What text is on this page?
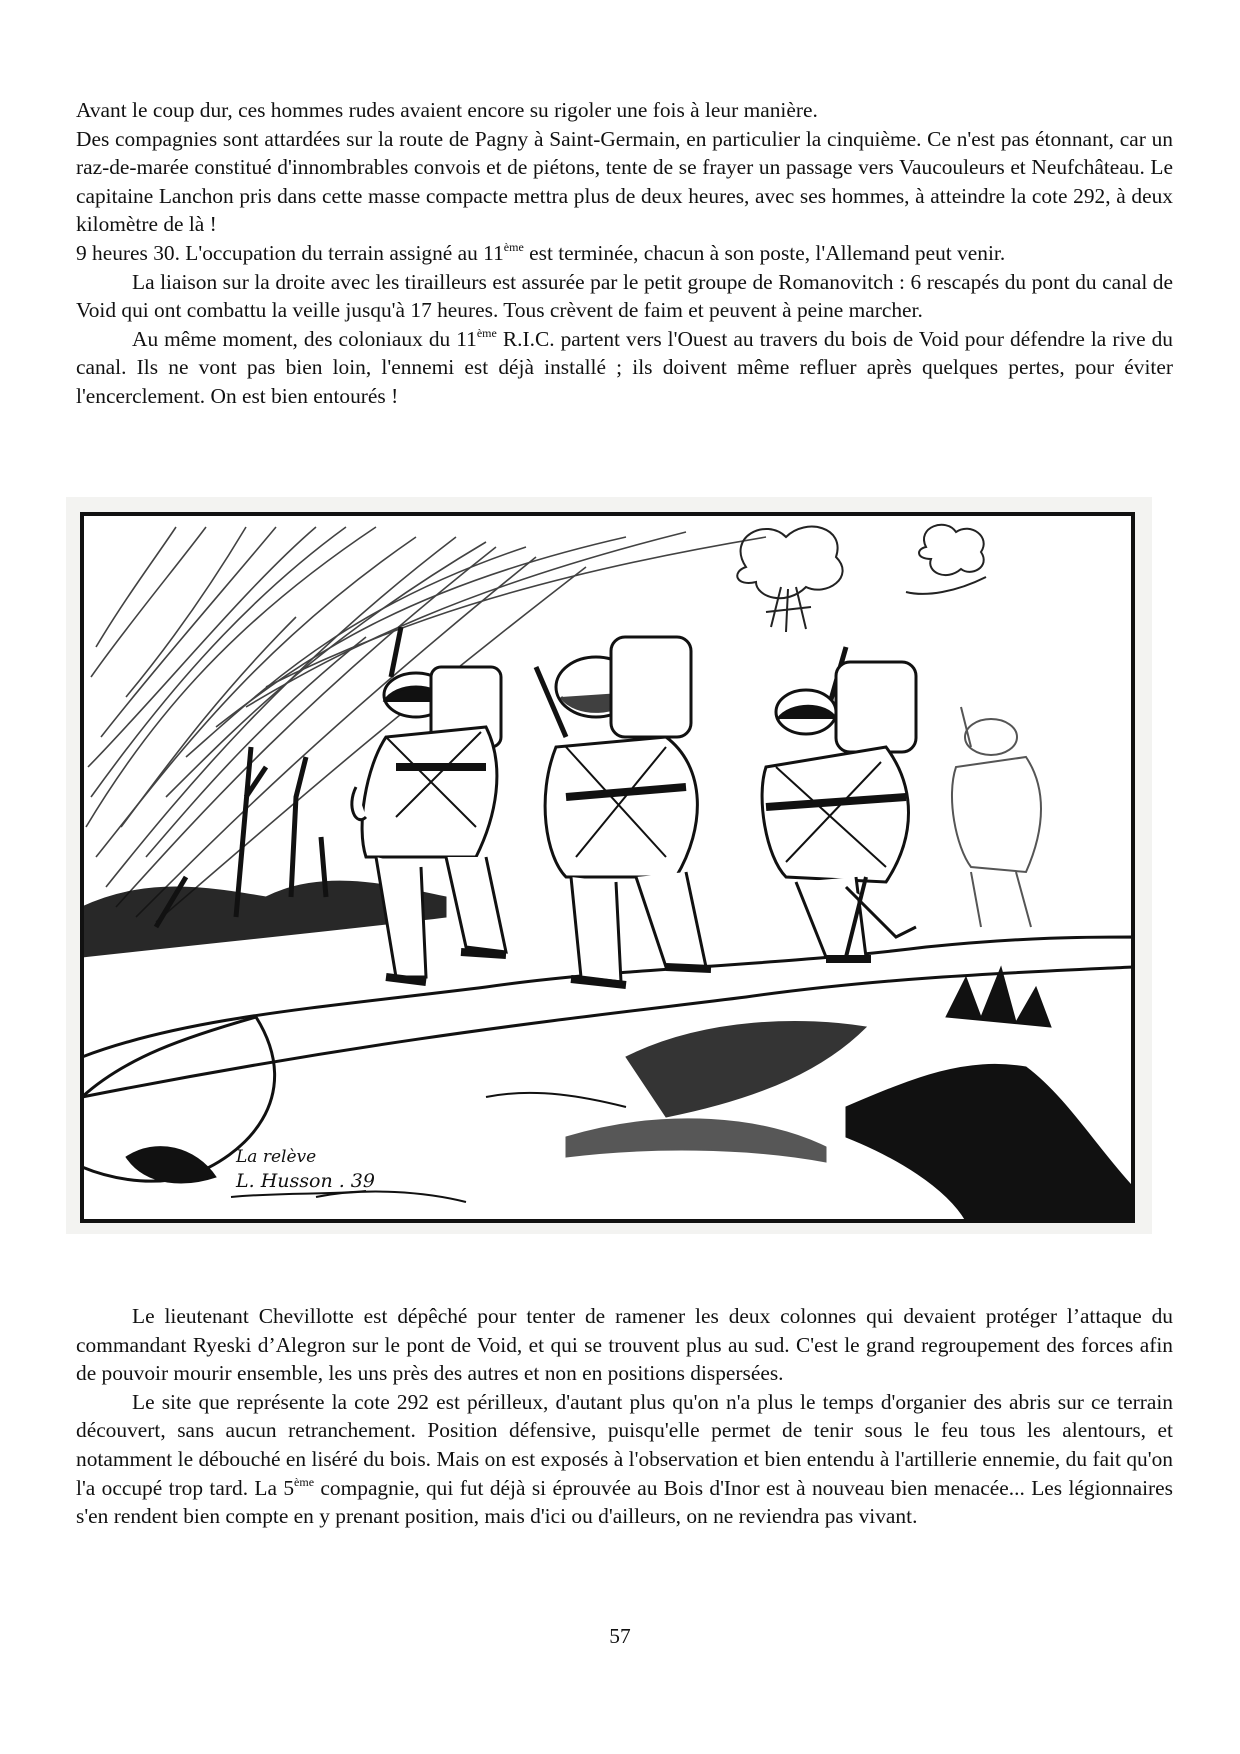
Avant le coup dur, ces hommes rudes avaient encore su rigoler une fois à leur manière.

Des compagnies sont attardées sur la route de Pagny à Saint-Germain, en particulier la cinquième. Ce n'est pas étonnant, car un raz-de-marée constitué d'innombrables convois et de piétons, tente de se frayer un passage vers Vaucouleurs et Neufchâteau. Le capitaine Lanchon pris dans cette masse compacte mettra plus de deux heures, avec ses hommes, à atteindre la cote 292, à deux kilomètre de là !

9 heures 30. L'occupation du terrain assigné au 11ème est terminée, chacun à son poste, l'Allemand peut venir.

La liaison sur la droite avec les tirailleurs est assurée par le petit groupe de Romanovitch : 6 rescapés du pont du canal de Void qui ont combattu la veille jusqu'à 17 heures. Tous crèvent de faim et peuvent à peine marcher.

Au même moment, des coloniaux du 11ème R.I.C. partent vers l'Ouest au travers du bois de Void pour défendre la rive du canal. Ils ne vont pas bien loin, l'ennemi est déjà installé ; ils doivent même refluer après quelques pertes, pour éviter l'encerclement. On est bien entourés !

La relève
L. Husson . 39

Le lieutenant Chevillotte est dépêché pour tenter de ramener les deux colonnes qui devaient protéger l’attaque du commandant Ryeski d’Alegron sur le pont de Void, et qui se trouvent plus au sud. C'est le grand regroupement des forces afin de pouvoir mourir ensemble, les uns près des autres et non en positions dispersées.

Le site que représente la cote 292 est périlleux, d'autant plus qu'on n'a plus le temps d'organier des abris sur ce terrain découvert, sans aucun retranchement. Position défensive, puisqu'elle permet de tenir sous le feu tous les alentours, et notamment le débouché en liséré du bois. Mais on est exposés à l'observation et bien entendu à l'artillerie ennemie, du fait qu'on l'a occupé trop tard. La 5ème compagnie, qui fut déjà si éprouvée au Bois d'Inor est à nouveau bien menacée... Les légionnaires s'en rendent bien compte en y prenant position, mais d'ici ou d'ailleurs, on ne reviendra pas vivant.

57
